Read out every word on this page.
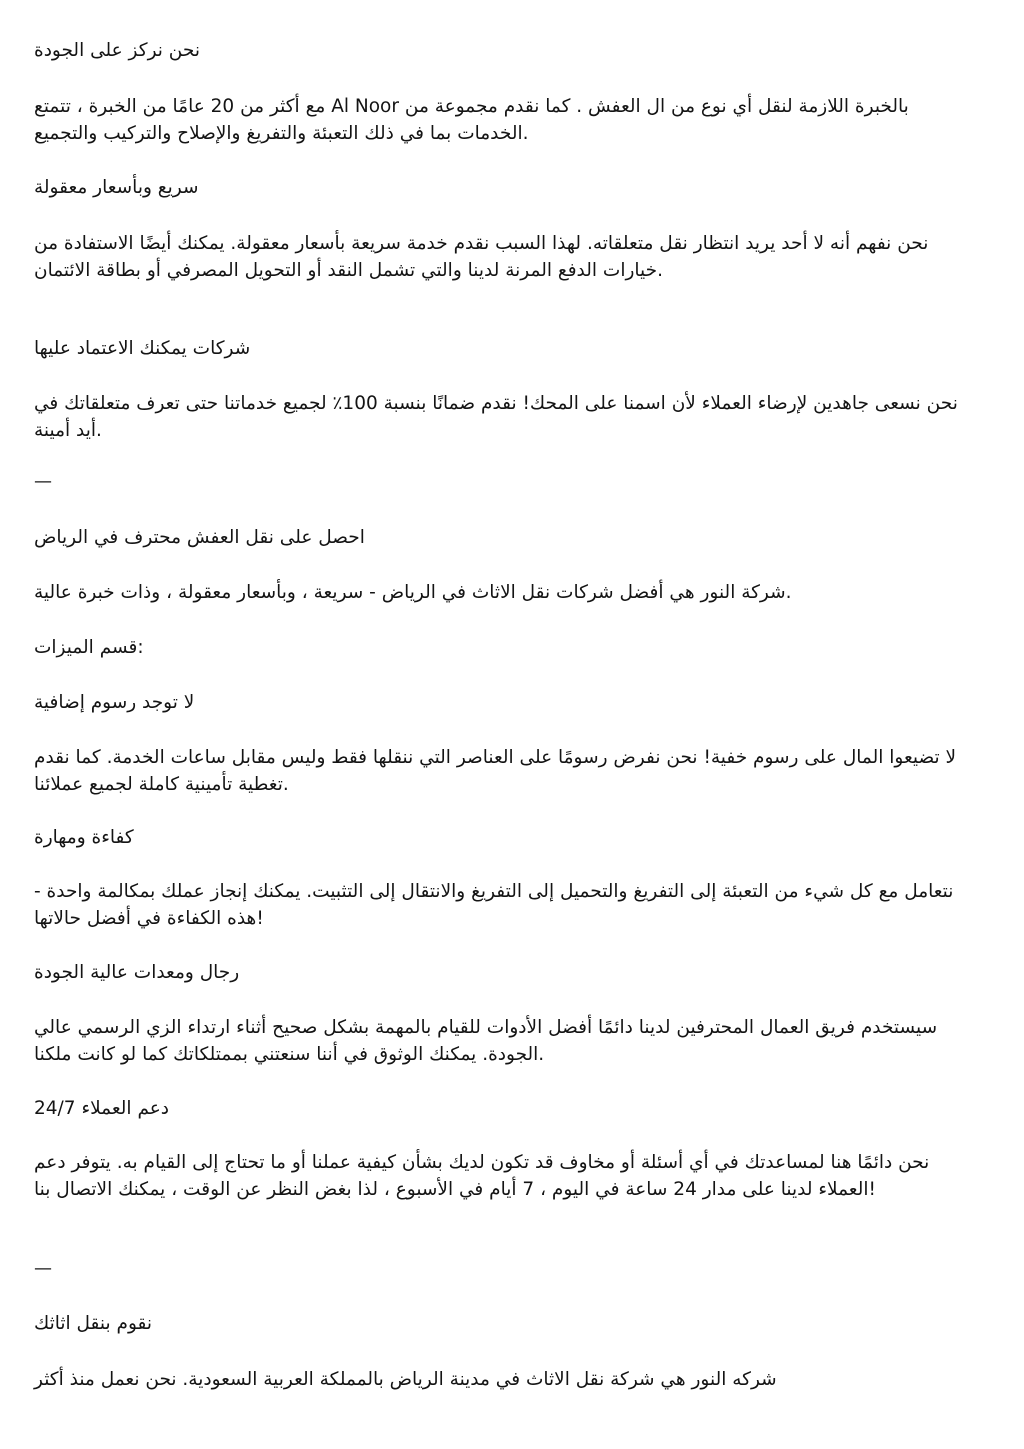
نحن نركز على الجودة

مع أكثر من 20 عامًا من الخبرة ، تتمتع Al Noor بالخبرة اللازمة لنقل أي نوع من ال العفش . كما نقدم مجموعة من الخدمات بما في ذلك التعبئة والتفريغ والإصلاح والتركيب والتجميع.

سريع وبأسعار معقولة

نحن نفهم أنه لا أحد يريد انتظار نقل متعلقاته. لهذا السبب نقدم خدمة سريعة بأسعار معقولة. يمكنك أيضًا الاستفادة من خيارات الدفع المرنة لدينا والتي تشمل النقد أو التحويل المصرفي أو بطاقة الائتمان.

شركات يمكنك الاعتماد عليها

نحن نسعى جاهدين لإرضاء العملاء لأن اسمنا على المحك! نقدم ضمانًا بنسبة 100٪ لجميع خدماتنا حتى تعرف متعلقاتك في أيد أمينة.

—

احصل على نقل العفش محترف في الرياض

شركة النور هي أفضل شركات نقل الاثاث في الرياض - سريعة ، وبأسعار معقولة ، وذات خبرة عالية.

قسم الميزات:

لا توجد رسوم إضافية

لا تضيعوا المال على رسوم خفية! نحن نفرض رسومًا على العناصر التي ننقلها فقط وليس مقابل ساعات الخدمة. كما نقدم تغطية تأمينية كاملة لجميع عملائنا.

كفاءة ومهارة

نتعامل مع كل شيء من التعبئة إلى التفريغ والتحميل إلى التفريغ والانتقال إلى التثبيت. يمكنك إنجاز عملك بمكالمة واحدة - هذه الكفاءة في أفضل حالاتها!

رجال ومعدات عالية الجودة

سيستخدم فريق العمال المحترفين لدينا دائمًا أفضل الأدوات للقيام بالمهمة بشكل صحيح أثناء ارتداء الزي الرسمي عالي الجودة. يمكنك الوثوق في أننا سنعتني بممتلكاتك كما لو كانت ملكنا.

24/7 دعم العملاء

نحن دائمًا هنا لمساعدتك في أي أسئلة أو مخاوف قد تكون لديك بشأن كيفية عملنا أو ما تحتاج إلى القيام به. يتوفر دعم العملاء لدينا على مدار 24 ساعة في اليوم ، 7 أيام في الأسبوع ، لذا بغض النظر عن الوقت ، يمكنك الاتصال بنا!

—

نقوم بنقل اثاثك

شركه النور هي شركة نقل الاثاث في مدينة الرياض بالمملكة العربية السعودية. نحن نعمل منذ أكثر
